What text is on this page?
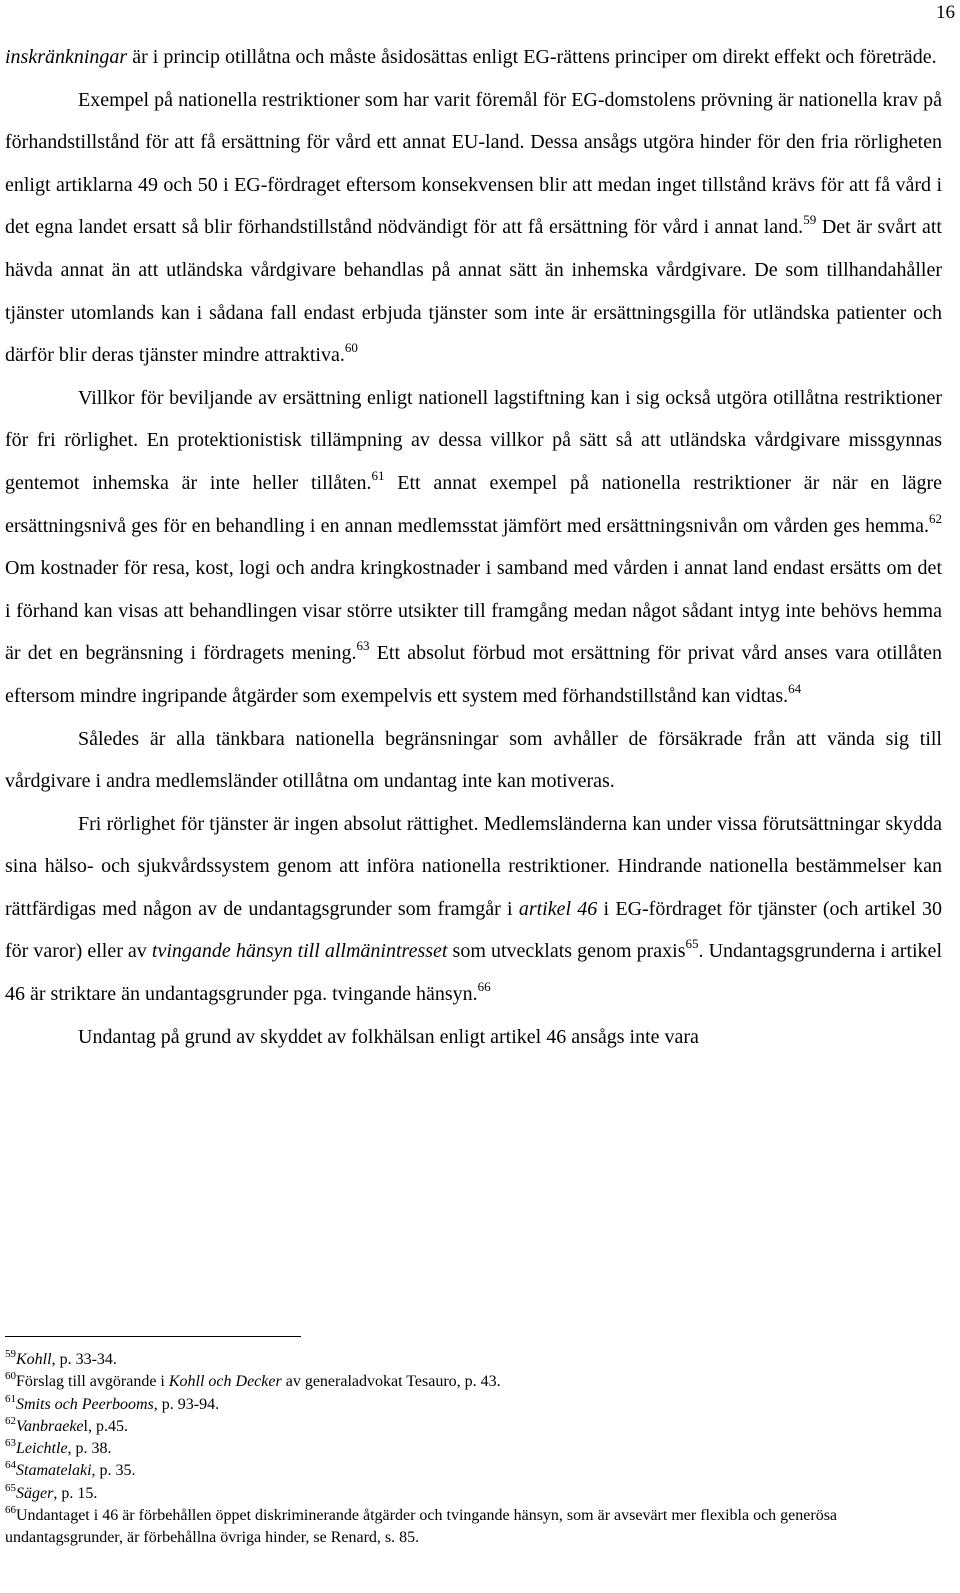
16

inskränkningar är i princip otillåtna och måste åsidosättas enligt EG-rättens principer om direkt effekt och företräde.

Exempel på nationella restriktioner som har varit föremål för EG-domstolens prövning är nationella krav på förhandstillstånd för att få ersättning för vård ett annat EU-land. Dessa ansågs utgöra hinder för den fria rörligheten enligt artiklarna 49 och 50 i EG-fördraget eftersom konsekvensen blir att medan inget tillstånd krävs för att få vård i det egna landet ersatt så blir förhandstillstånd nödvändigt för att få ersättning för vård i annat land.$^{59}$ Det är svårt att hävda annat än att utländska vårdgivare behandlas på annat sätt än inhemska vårdgivare. De som tillhandahåller tjänster utomlands kan i sådana fall endast erbjuda tjänster som inte är ersättningsgilla för utländska patienter och därför blir deras tjänster mindre attraktiva.$^{60}$

Villkor för beviljande av ersättning enligt nationell lagstiftning kan i sig också utgöra otillåtna restriktioner för fri rörlighet. En protektionistisk tillämpning av dessa villkor på sätt så att utländska vårdgivare missgynnas gentemot inhemska är inte heller tillåten.$^{61}$ Ett annat exempel på nationella restriktioner är när en lägre ersättningsnivå ges för en behandling i en annan medlemsstat jämfört med ersättningsnivån om vården ges hemma.$^{62}$ Om kostnader för resa, kost, logi och andra kringkostnader i samband med vården i annat land endast ersätts om det i förhand kan visas att behandlingen visar större utsikter till framgång medan något sådant intyg inte behövs hemma är det en begränsning i fördragets mening.$^{63}$ Ett absolut förbud mot ersättning för privat vård anses vara otillåten eftersom mindre ingripande åtgärder som exempelvis ett system med förhandstillstånd kan vidtas.$^{64}$

Således är alla tänkbara nationella begränsningar som avhåller de försäkrade från att vända sig till vårdgivare i andra medlemsländer otillåtna om undantag inte kan motiveras.

Fri rörlighet för tjänster är ingen absolut rättighet. Medlemsländerna kan under vissa förutsättningar skydda sina hälso- och sjukvårdssystem genom att införa nationella restriktioner. Hindrande nationella bestämmelser kan rättfärdigas med någon av de undantagsgrunder som framgår i artikel 46 i EG-fördraget för tjänster (och artikel 30 för varor) eller av tvingande hänsyn till allmänintresset som utvecklats genom praxis$^{65}$. Undantagsgrunderna i artikel 46 är striktare än undantagsgrunder pga. tvingande hänsyn.$^{66}$

Undantag på grund av skyddet av folkhälsan enligt artikel 46 ansågs inte vara

$^{59}$Kohll, p. 33-34.

$^{60}$Förslag till avgörande i Kohll och Decker av generaladvokat Tesauro, p. 43.

$^{61}$Smits och Peerbooms, p. 93-94.

$^{62}$Vanbraekel, p.45.

$^{63}$Leichtle, p. 38.

$^{64}$Stamatelaki, p. 35.

$^{65}$Säger, p. 15.

$^{66}$Undantaget i 46 är förbehållen öppet diskriminerande åtgärder och tvingande hänsyn, som är avsevärt mer flexibla och generösa undantagsgrunder, är förbehållna övriga hinder, se Renard, s. 85.
